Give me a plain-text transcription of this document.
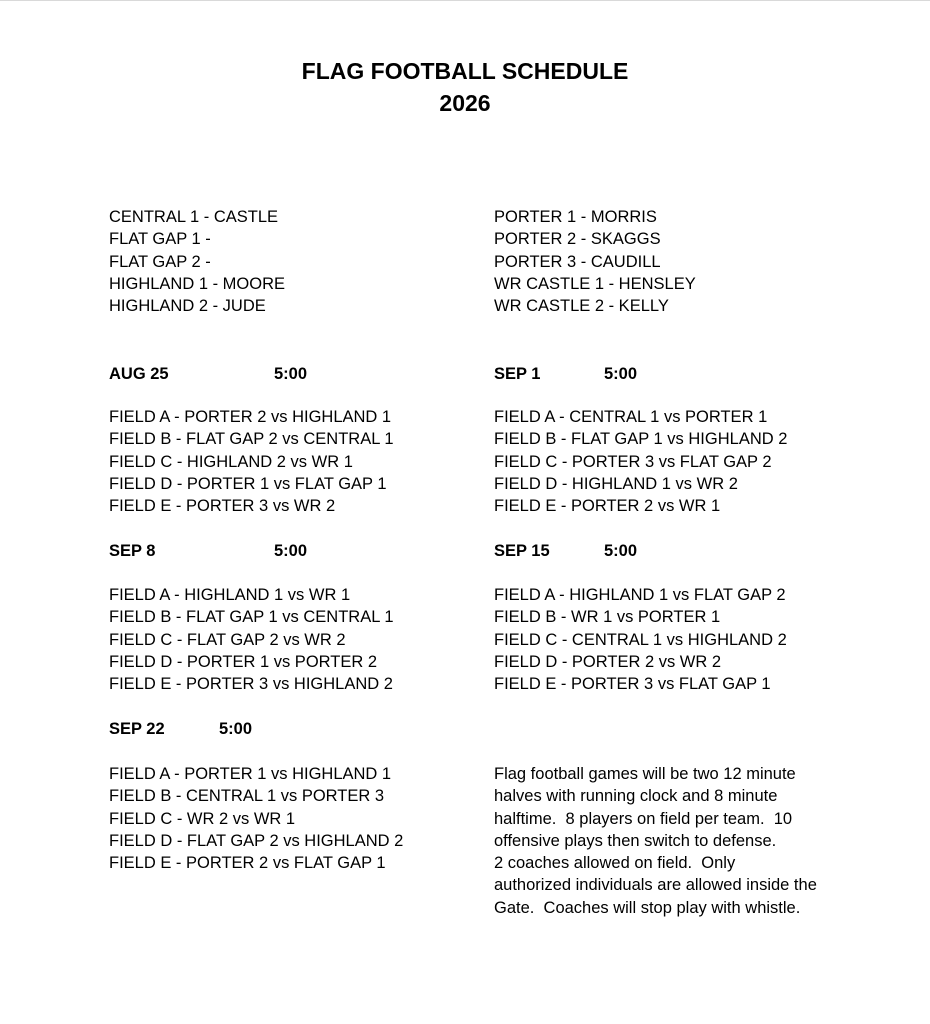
FLAG FOOTBALL SCHEDULE
2026
CENTRAL 1 - CASTLE
FLAT GAP 1 -
FLAT GAP 2 -
HIGHLAND 1 - MOORE
HIGHLAND 2 - JUDE
PORTER 1 - MORRIS
PORTER 2 - SKAGGS
PORTER 3 - CAUDILL
WR CASTLE 1 - HENSLEY
WR CASTLE 2 - KELLY
AUG 25	5:00
FIELD A - PORTER 2 vs HIGHLAND 1
FIELD B - FLAT GAP 2 vs CENTRAL 1
FIELD C - HIGHLAND 2 vs WR 1
FIELD D - PORTER 1 vs FLAT GAP 1
FIELD E - PORTER 3 vs WR 2
SEP 1	5:00
FIELD A - CENTRAL 1 vs PORTER 1
FIELD B - FLAT GAP 1 vs HIGHLAND 2
FIELD C - PORTER 3 vs FLAT GAP 2
FIELD D - HIGHLAND 1 vs WR 2
FIELD E - PORTER 2 vs WR 1
SEP 8	5:00
FIELD A - HIGHLAND 1 vs WR 1
FIELD B - FLAT GAP 1 vs CENTRAL 1
FIELD C - FLAT GAP 2 vs WR 2
FIELD D - PORTER 1 vs PORTER 2
FIELD E - PORTER 3 vs HIGHLAND 2
SEP 15	5:00
FIELD A - HIGHLAND 1 vs FLAT GAP 2
FIELD B - WR 1 vs PORTER 1
FIELD C - CENTRAL 1 vs HIGHLAND 2
FIELD D - PORTER 2 vs WR 2
FIELD E - PORTER 3 vs FLAT GAP 1
SEP 22	5:00
FIELD A - PORTER 1 vs HIGHLAND 1
FIELD B - CENTRAL 1 vs PORTER 3
FIELD C - WR 2 vs WR 1
FIELD D - FLAT GAP 2 vs HIGHLAND 2
FIELD E - PORTER 2 vs FLAT GAP 1
Flag football games will be two 12 minute
halves with running clock and 8 minute
halftime.  8 players on field per team.  10
offensive plays then switch to defense.
2 coaches allowed on field.  Only
authorized individuals are allowed inside the
Gate.  Coaches will stop play with whistle.
